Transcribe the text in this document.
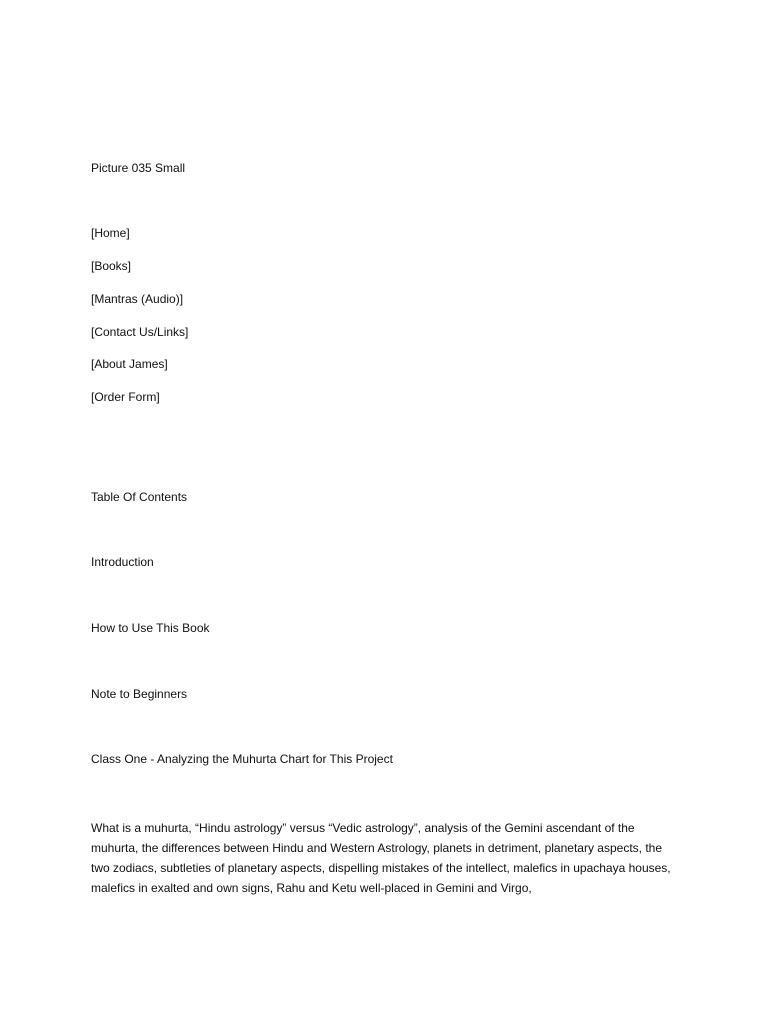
Picture 035 Small

[Home]

[Books]

[Mantras (Audio)]

[Contact Us/Links]

[About James]

[Order Form]

Table Of Contents

Introduction

How to Use This Book

Note to Beginners

Class One - Analyzing the Muhurta Chart for This Project

What is a muhurta, “Hindu astrology” versus “Vedic astrology”, analysis of the Gemini ascendant of the muhurta, the differences between Hindu and Western Astrology, planets in detriment, planetary aspects, the two zodiacs, subtleties of planetary aspects, dispelling mistakes of the intellect, malefics in upachaya houses, malefics in exalted and own signs, Rahu and Ketu well-placed in Gemini and Virgo,
